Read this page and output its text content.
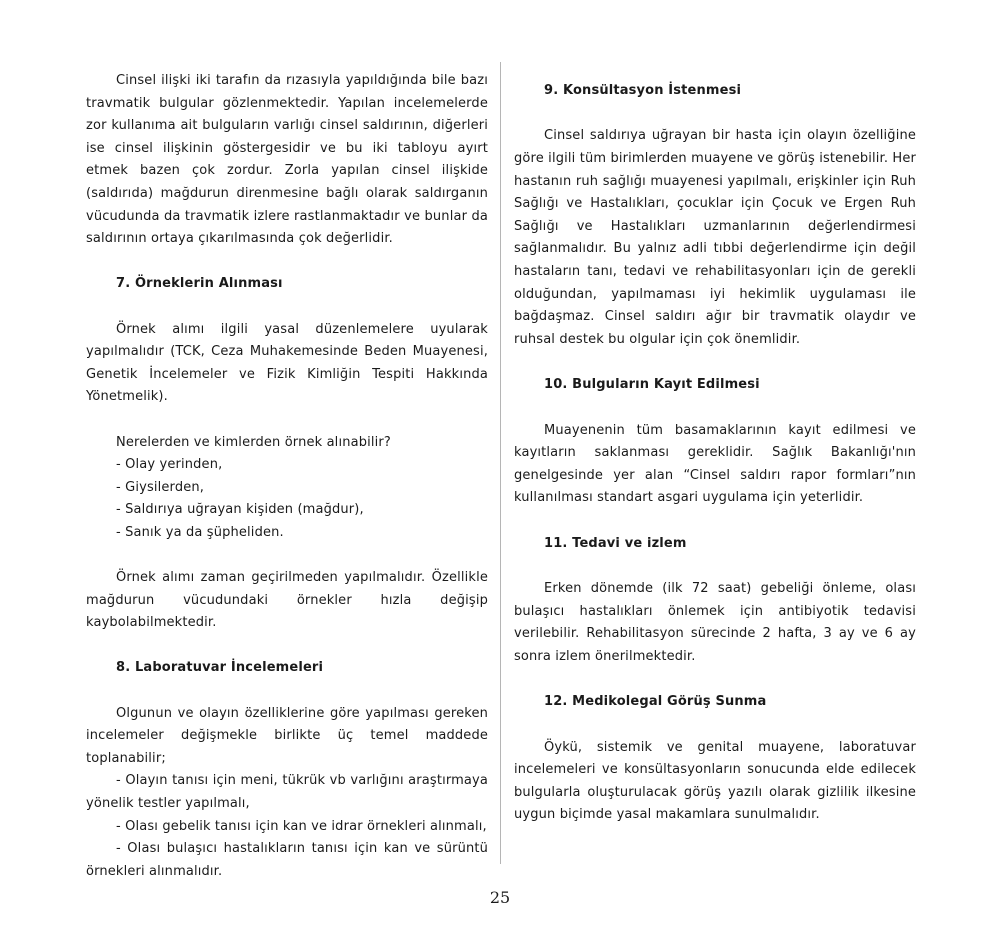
Cinsel ilişki iki tarafın da rızasıyla yapıldığında bile bazı travmatik bulgular gözlenmektedir. Yapılan incelemelerde zor kullanıma ait bulguların varlığı cinsel saldırının, diğerleri ise cinsel ilişkinin göstergesidir ve bu iki tabloyu ayırt etmek bazen çok zordur. Zorla yapılan cinsel ilişkide (saldırıda) mağdurun direnmesine bağlı olarak saldırganın vücudunda da travmatik izlere rastlanmaktadır ve bunlar da saldırının ortaya çıkarılmasında çok değerlidir.

7. Örneklerin Alınması

Örnek alımı ilgili yasal düzenlemelere uyularak yapılmalıdır (TCK, Ceza Muhakemesinde Beden Muayenesi, Genetik İncelemeler ve Fizik Kimliğin Tespiti Hakkında Yönetmelik).

Nerelerden ve kimlerden örnek alınabilir?

- Olay yerinden,

- Giysilerden,

- Saldırıya uğrayan kişiden (mağdur),

- Sanık ya da şüpheliden.

Örnek alımı zaman geçirilmeden yapılmalıdır. Özellikle mağdurun vücudundaki örnekler hızla değişip kaybolabilmektedir.

8. Laboratuvar İncelemeleri

Olgunun ve olayın özelliklerine göre yapılması gereken incelemeler değişmekle birlikte üç temel maddede toplanabilir;

- Olayın tanısı için meni, tükrük vb varlığını araştırmaya yönelik testler yapılmalı,

- Olası gebelik tanısı için kan ve idrar örnekleri alınmalı,

- Olası bulaşıcı hastalıkların tanısı için kan ve sürüntü örnekleri alınmalıdır.

9. Konsültasyon İstenmesi

Cinsel saldırıya uğrayan bir hasta için olayın özelliğine göre ilgili tüm birimlerden muayene ve görüş istenebilir. Her hastanın ruh sağlığı muayenesi yapılmalı, erişkinler için Ruh Sağlığı ve Hastalıkları, çocuklar için Çocuk ve Ergen Ruh Sağlığı ve Hastalıkları uzmanlarının değerlendirmesi sağlanmalıdır. Bu yalnız adli tıbbi değerlendirme için değil hastaların tanı, tedavi ve rehabilitasyonları için de gerekli olduğundan, yapılmaması iyi hekimlik uygulaması ile bağdaşmaz. Cinsel saldırı ağır bir travmatik olaydır ve ruhsal destek bu olgular için çok önemlidir.

10. Bulguların Kayıt Edilmesi

Muayenenin tüm basamaklarının kayıt edilmesi ve kayıtların saklanması gereklidir. Sağlık Bakanlığı'nın genelgesinde yer alan “Cinsel saldırı rapor formları”nın kullanılması standart asgari uygulama için yeterlidir.

11. Tedavi ve izlem

Erken dönemde (ilk 72 saat) gebeliği önleme, olası bulaşıcı hastalıkları önlemek için antibiyotik tedavisi verilebilir. Rehabilitasyon sürecinde 2 hafta, 3 ay ve 6 ay sonra izlem önerilmektedir.

12. Medikolegal Görüş Sunma

Öykü, sistemik ve genital muayene, laboratuvar incelemeleri ve konsültasyonların sonucunda elde edilecek bulgularla oluşturulacak görüş yazılı olarak gizlilik ilkesine uygun biçimde yasal makamlara sunulmalıdır.

25
